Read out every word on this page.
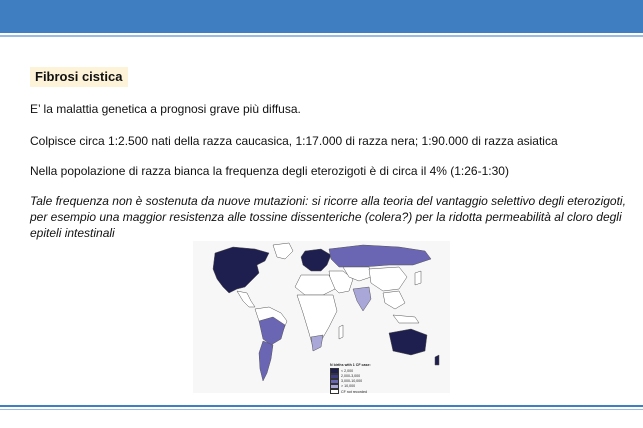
Fibrosi cistica
E’ la malattia genetica a prognosi grave più diffusa.
Colpisce circa 1:2.500 nati della razza caucasica, 1:17.000 di razza nera; 1:90.000 di razza asiatica
Nella popolazione di razza bianca la frequenza degli eterozigoti è di circa il 4% (1:26-1:30)
Tale frequenza non è sostenuta da nuove mutazioni: si ricorre alla teoria del vantaggio selettivo degli eterozigoti, per esempio una maggior resistenza alle tossine dissenteriche (colera?) per la ridotta permeabilità al cloro degli epiteli intestinali
N births with 1 CF case:
< 2,000
2,000-3,000
3,000-10,000
> 10,000
CF not recorded
